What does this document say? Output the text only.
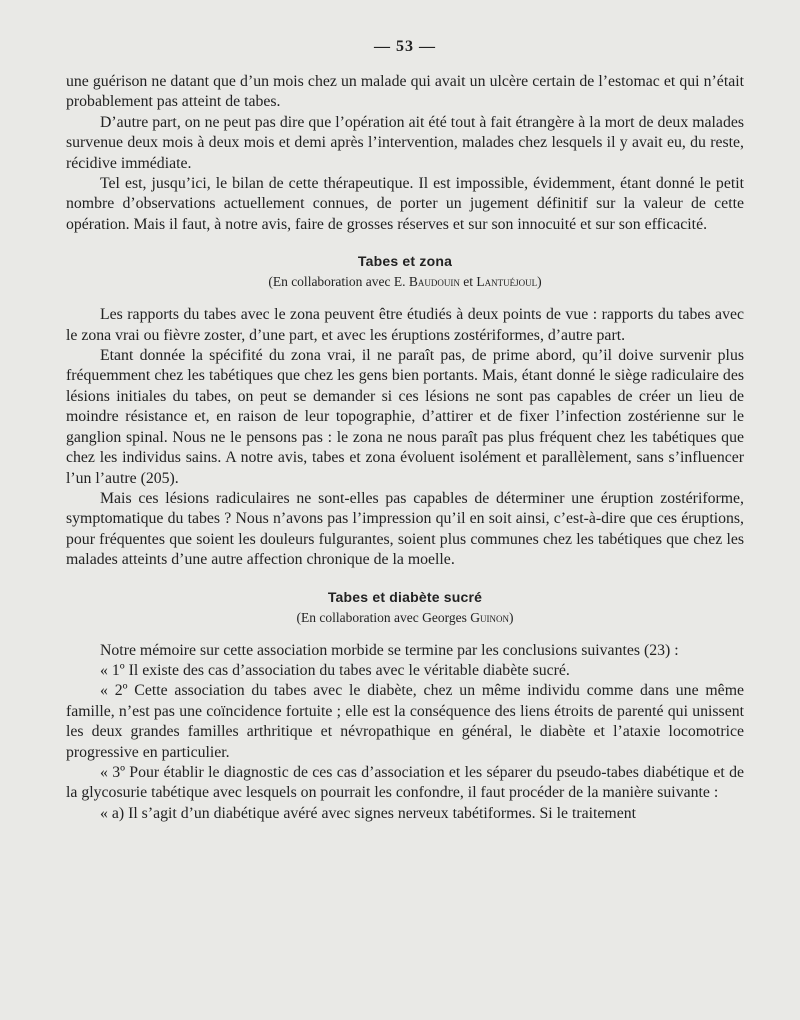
— 53 —

une guérison ne datant que d’un mois chez un malade qui avait un ulcère certain de l’estomac et qui n’était probablement pas atteint de tabes.

D’autre part, on ne peut pas dire que l’opération ait été tout à fait étrangère à la mort de deux malades survenue deux mois à deux mois et demi après l’intervention, malades chez lesquels il y avait eu, du reste, récidive immédiate.

Tel est, jusqu’ici, le bilan de cette thérapeutique. Il est impossible, évidemment, étant donné le petit nombre d’observations actuellement connues, de porter un jugement définitif sur la valeur de cette opération. Mais il faut, à notre avis, faire de grosses réserves et sur son innocuité et sur son efficacité.

Tabes et zona
(En collaboration avec E. Baudouin et Lantuéjoul)

Les rapports du tabes avec le zona peuvent être étudiés à deux points de vue : rapports du tabes avec le zona vrai ou fièvre zoster, d’une part, et avec les éruptions zostériformes, d’autre part.

Etant donnée la spécifité du zona vrai, il ne paraît pas, de prime abord, qu’il doive survenir plus fréquemment chez les tabétiques que chez les gens bien portants. Mais, étant donné le siège radiculaire des lésions initiales du tabes, on peut se demander si ces lésions ne sont pas capables de créer un lieu de moindre résistance et, en raison de leur topographie, d’attirer et de fixer l’infection zostérienne sur le ganglion spinal. Nous ne le pensons pas : le zona ne nous paraît pas plus fréquent chez les tabétiques que chez les individus sains. A notre avis, tabes et zona évoluent isolément et parallèlement, sans s’influencer l’un l’autre (205).

Mais ces lésions radiculaires ne sont-elles pas capables de déterminer une éruption zostériforme, symptomatique du tabes ? Nous n’avons pas l’impression qu’il en soit ainsi, c’est-à-dire que ces éruptions, pour fréquentes que soient les douleurs fulgurantes, soient plus communes chez les tabétiques que chez les malades atteints d’une autre affection chronique de la moelle.

Tabes et diabète sucré
(En collaboration avec Georges Guinon)

Notre mémoire sur cette association morbide se termine par les conclusions suivantes (23) :

« 1º Il existe des cas d’association du tabes avec le véritable diabète sucré.

« 2º Cette association du tabes avec le diabète, chez un même individu comme dans une même famille, n’est pas une coïncidence fortuite ; elle est la conséquence des liens étroits de parenté qui unissent les deux grandes familles arthritique et névropathique en général, le diabète et l’ataxie locomotrice progressive en particulier.

« 3º Pour établir le diagnostic de ces cas d’association et les séparer du pseudo-tabes diabétique et de la glycosurie tabétique avec lesquels on pourrait les confondre, il faut procéder de la manière suivante :

« a) Il s’agit d’un diabétique avéré avec signes nerveux tabétiformes. Si le traitement
